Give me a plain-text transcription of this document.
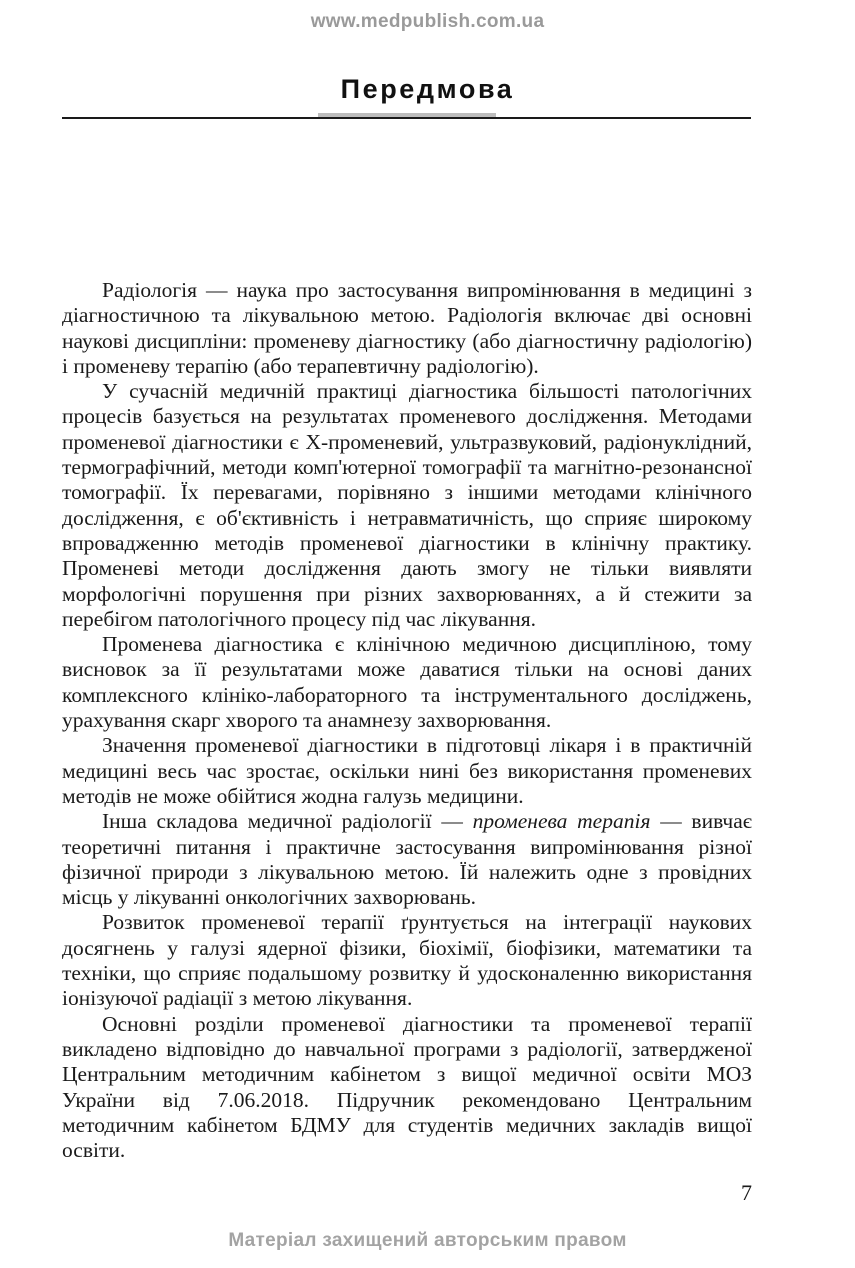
www.medpublish.com.ua
Передмова

Радіологія — наука про застосування випромінювання в медицині з діагностичною та лікувальною метою. Радіологія включає дві основні наукові дисципліни: променеву діагностику (або діагностичну радіологію) і променеву терапію (або терапевтичну радіологію).

У сучасній медичній практиці діагностика більшості патологічних процесів базується на результатах променевого дослідження. Методами променевої діагностики є Х-променевий, ультразвуковий, радіонуклідний, термографічний, методи комп'ютерної томографії та магнітно-резонансної томографії. Їх перевагами, порівняно з іншими методами клінічного дослідження, є об'єктивність і нетравматичність, що сприяє широкому впровадженню методів променевої діагностики в клінічну практику. Променеві методи дослідження дають змогу не тільки виявляти морфологічні порушення при різних захворюваннях, а й стежити за перебігом патологічного процесу під час лікування.

Променева діагностика є клінічною медичною дисципліною, тому висновок за її результатами може даватися тільки на основі даних комплексного клініко-лабораторного та інструментального досліджень, урахування скарг хворого та анамнезу захворювання.

Значення променевої діагностики в підготовці лікаря і в практичній медицині весь час зростає, оскільки нині без використання променевих методів не може обійтися жодна галузь медицини.

Інша складова медичної радіології — променева терапія — вивчає теоретичні питання і практичне застосування випромінювання різної фізичної природи з лікувальною метою. Їй належить одне з провідних місць у лікуванні онкологічних захворювань.

Розвиток променевої терапії ґрунтується на інтеграції наукових досягнень у галузі ядерної фізики, біохімії, біофізики, математики та техніки, що сприяє подальшому розвитку й удосконаленню використання іонізуючої радіації з метою лікування.

Основні розділи променевої діагностики та променевої терапії викладено відповідно до навчальної програми з радіології, затвердженої Центральним методичним кабінетом з вищої медичної освіти МОЗ України від 7.06.2018. Підручник рекомендовано Центральним методичним кабінетом БДМУ для студентів медичних закладів вищої освіти.

7
Матеріал захищений авторським правом
